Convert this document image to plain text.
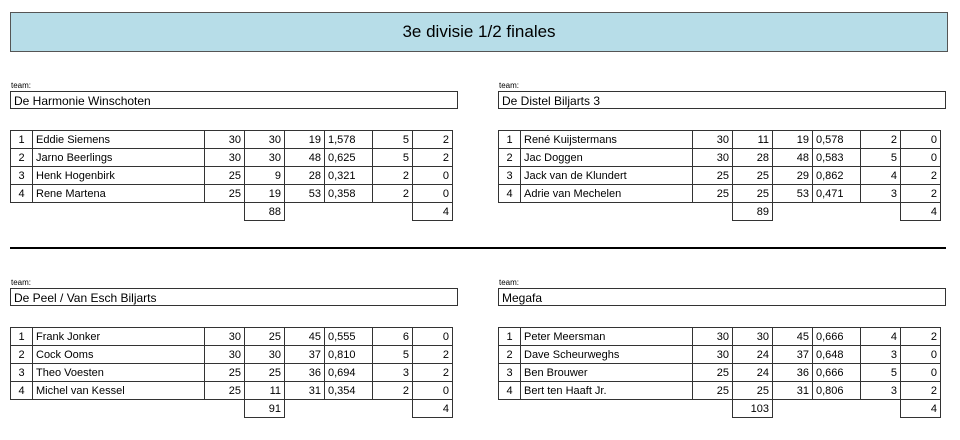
3e divisie 1/2 finales
team:
De Harmonie Winschoten
1	Eddie Siemens	30	30	19	1,578	5	2
2	Jarno Beerlings	30	30	48	0,625	5	2
3	Henk Hogenbirk	25	9	28	0,321	2	0
4	Rene Martena	25	19	53	0,358	2	0
			88				4
team:
De Distel Biljarts 3
1	René Kuijstermans	30	11	19	0,578	2	0
2	Jac Doggen	30	28	48	0,583	5	0
3	Jack van de Klundert	25	25	29	0,862	4	2
4	Adrie van Mechelen	25	25	53	0,471	3	2
			89				4
team:
De Peel / Van Esch Biljarts
1	Frank Jonker	30	25	45	0,555	6	0
2	Cock Ooms	30	30	37	0,810	5	2
3	Theo Voesten	25	25	36	0,694	3	2
4	Michel van Kessel	25	11	31	0,354	2	0
			91				4
team:
Megafa
1	Peter Meersman	30	30	45	0,666	4	2
2	Dave Scheurweghs	30	24	37	0,648	3	0
3	Ben Brouwer	25	24	36	0,666	5	0
4	Bert ten Haaft Jr.	25	25	31	0,806	3	2
			103				4
